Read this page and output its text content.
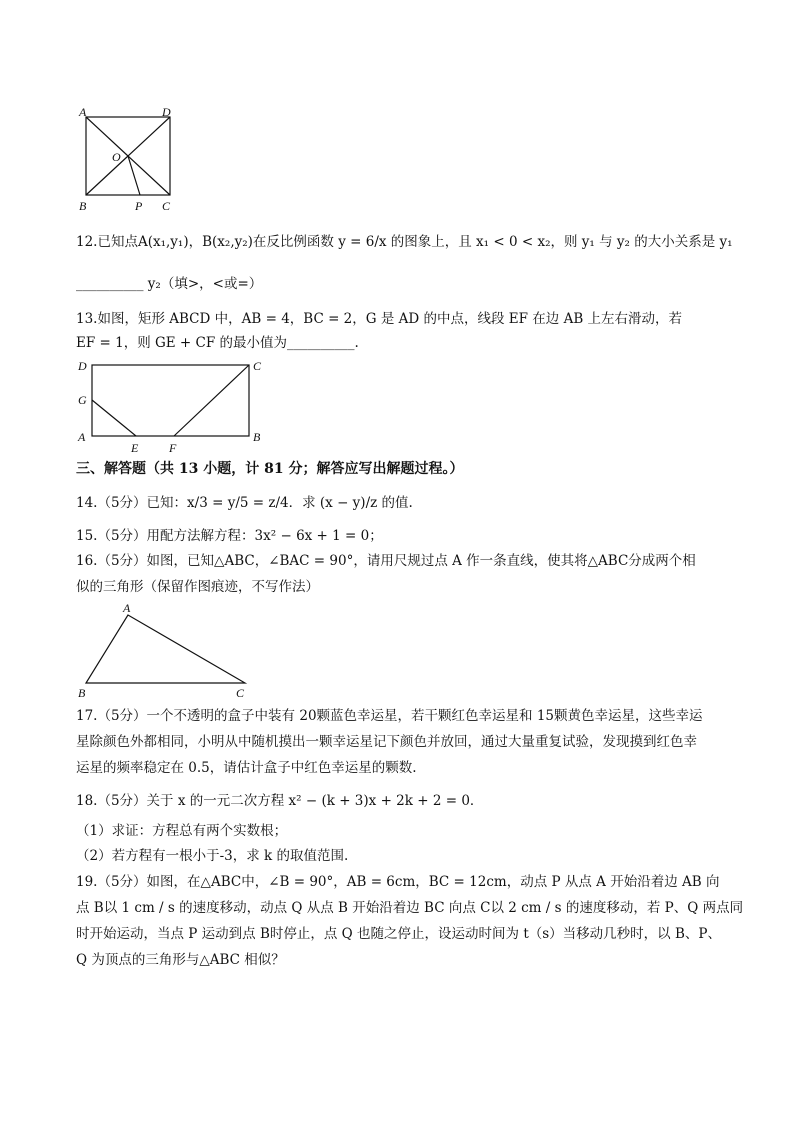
A	D
O
B	P C
12.已知点A(x₁,y₁)，B(x₂,y₂)在反比例函数 y = 6/x 的图象上，且 x₁ < 0 < x₂，则 y₁ 与 y₂ 的大小关系是 y₁
__________ y₂（填>，<或=）
13.如图，矩形 ABCD 中，AB = 4，BC = 2，G 是 AD 的中点，线段 EF 在边 AB 上左右滑动，若
EF = 1，则 GE + CF 的最小值为__________.
D	C
G
A
E	F
B
三、解答题（共 13 小题，计 81 分；解答应写出解题过程。）
14.（5分）已知：x/3 = y/5 = z/4．求 (x − y)/z 的值.
15.（5分）用配方法解方程：3x² − 6x + 1 = 0；
16.（5分）如图，已知△ABC，∠BAC = 90°，请用尺规过点 A 作一条直线，使其将△ABC分成两个相
似的三角形（保留作图痕迹，不写作法）
A
B	C
17.（5分）一个不透明的盒子中装有 20颗蓝色幸运星，若干颗红色幸运星和 15颗黄色幸运星，这些幸运
星除颜色外都相同，小明从中随机摸出一颗幸运星记下颜色并放回，通过大量重复试验，发现摸到红色幸
运星的频率稳定在 0.5，请估计盒子中红色幸运星的颗数.
18.（5分）关于 x 的一元二次方程 x² − (k + 3)x + 2k + 2 = 0．
（1）求证：方程总有两个实数根；
（2）若方程有一根小于-3，求 k 的取值范围.
19.（5分）如图，在△ABC中，∠B = 90°，AB = 6cm，BC = 12cm，动点 P 从点 A 开始沿着边 AB 向
点 B以 1 cm / s 的速度移动，动点 Q 从点 B 开始沿着边 BC 向点 C以 2 cm / s 的速度移动，若 P、Q 两点同
时开始运动，当点 P 运动到点 B时停止，点 Q 也随之停止，设运动时间为 t（s）当移动几秒时，以 B、P、
Q 为顶点的三角形与△ABC 相似？
